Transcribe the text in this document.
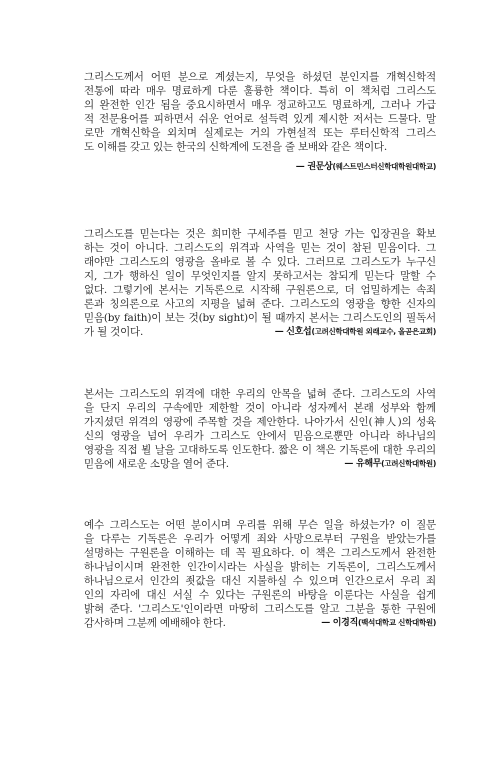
그리스도께서 어떤 분으로 계셨는지, 무엇을 하셨던 분인지를 개혁신학적
전통에 따라 매우 명료하게 다룬 훌륭한 책이다. 특히 이 책처럼 그리스도
의 완전한 인간 됨을 중요시하면서 매우 정교하고도 명료하게, 그러나 가급
적 전문용어를 피하면서 쉬운 언어로 설득력 있게 제시한 저서는 드물다. 말
로만 개혁신학을 외치며 실제로는 거의 가현설적 또는 루터신학적 그리스
도 이해를 갖고 있는 한국의 신학계에 도전을 줄 보배와 같은 책이다.
— 권문상(웨스트민스터신학대학원대학교)
그리스도를 믿는다는 것은 희미한 구세주를 믿고 천당 가는 입장권을 확보
하는 것이 아니다. 그리스도의 위격과 사역을 믿는 것이 참된 믿음이다. 그
래야만 그리스도의 영광을 올바로 볼 수 있다. 그러므로 그리스도가 누구신
지, 그가 행하신 일이 무엇인지를 알지 못하고서는 참되게 믿는다 말할 수
없다. 그렇기에 본서는 기독론으로 시작해 구원론으로, 더 엄밀하게는 속죄
론과 칭의론으로 사고의 지평을 넓혀 준다. 그리스도의 영광을 향한 신자의
믿음(by faith)이 보는 것(by sight)이 될 때까지 본서는 그리스도인의 필독서
가 될 것이다.	— 신호섭(고려신학대학원 외래교수, 올곧은교회)
본서는 그리스도의 위격에 대한 우리의 안목을 넓혀 준다. 그리스도의 사역
을 단지 우리의 구속에만 제한할 것이 아니라 성자께서 본래 성부와 함께
가지셨던 위격의 영광에 주목할 것을 제안한다. 나아가서 신인(神人)의 성육
신의 영광을 넘어 우리가 그리스도 안에서 믿음으로뿐만 아니라 하나님의
영광을 직접 뵐 날을 고대하도록 인도한다. 짧은 이 책은 기독론에 대한 우리의
믿음에 새로운 소망을 열어 준다.	— 유해무(고려신학대학원)
예수 그리스도는 어떤 분이시며 우리를 위해 무슨 일을 하셨는가? 이 질문
을 다루는 기독론은 우리가 어떻게 죄와 사망으로부터 구원을 받았는가를
설명하는 구원론을 이해하는 데 꼭 필요하다. 이 책은 그리스도께서 완전한
하나님이시며 완전한 인간이시라는 사실을 밝히는 기독론이, 그리스도께서
하나님으로서 인간의 죗값을 대신 지불하실 수 있으며 인간으로서 우리 죄
인의 자리에 대신 서실 수 있다는 구원론의 바탕을 이룬다는 사실을 쉽게
밝혀 준다. '그리스도'인이라면 마땅히 그리스도를 알고 그분을 통한 구원에
감사하며 그분께 예배해야 한다.	— 이경직(백석대학교 신학대학원)
